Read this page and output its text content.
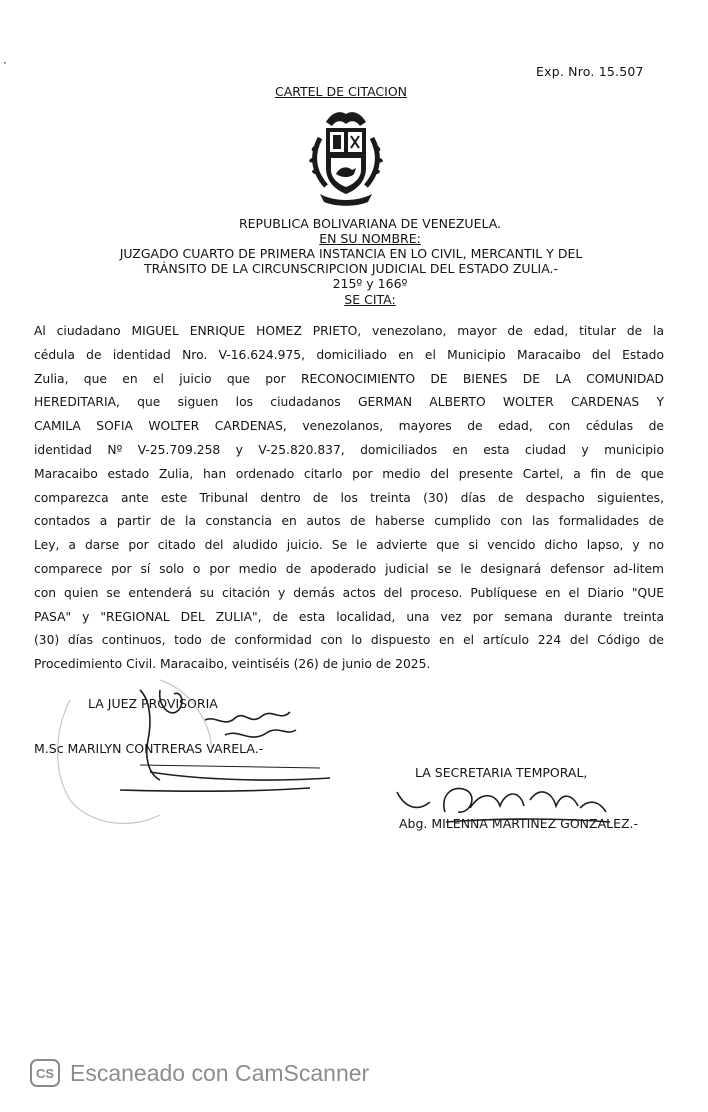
·
Exp. Nro. 15.507
CARTEL DE CITACION
REPUBLICA BOLIVARIANA DE VENEZUELA.
EN SU NOMBRE:
JUZGADO CUARTO DE PRIMERA INSTANCIA EN LO CIVIL, MERCANTIL Y DEL
TRÁNSITO DE LA CIRCUNSCRIPCION JUDICIAL DEL ESTADO ZULIA.-
215º y 166º
SE CITA:
Al ciudadano MIGUEL ENRIQUE HOMEZ PRIETO, venezolano, mayor de edad, titular de la
cédula de identidad Nro. V-16.624.975, domiciliado en el Municipio Maracaibo del Estado
Zulia, que en el juicio que por RECONOCIMIENTO DE BIENES DE LA COMUNIDAD
HEREDITARIA, que siguen los ciudadanos GERMAN ALBERTO WOLTER CARDENAS Y
CAMILA SOFIA WOLTER CARDENAS, venezolanos, mayores de edad, con cédulas de
identidad Nº V-25.709.258 y V-25.820.837, domiciliados en esta ciudad y municipio
Maracaibo estado Zulia, han ordenado citarlo por medio del presente Cartel, a fin de que
comparezca ante este Tribunal dentro de los treinta (30) días de despacho siguientes,
contados a partir de la constancia en autos de haberse cumplido con las formalidades de
Ley, a darse por citado del aludido juicio. Se le advierte que si vencido dicho lapso, y no
comparece por sí solo o por medio de apoderado judicial se le designará defensor ad-litem
con quien se entenderá su citación y demás actos del proceso. Publíquese en el Diario "QUE
PASA" y "REGIONAL DEL ZULIA", de esta localidad, una vez por semana durante treinta
(30) días continuos, todo de conformidad con lo dispuesto en el artículo 224 del Código de
Procedimiento Civil. Maracaibo, veintiséis (26) de junio de 2025.
LA JUEZ PROVISORIA
M.Sc MARILYN CONTRERAS VARELA.-
LA SECRETARIA TEMPORAL,
Abg. MILENNA MARTINEZ GONZALEZ.-
CS Escaneado con CamScanner
